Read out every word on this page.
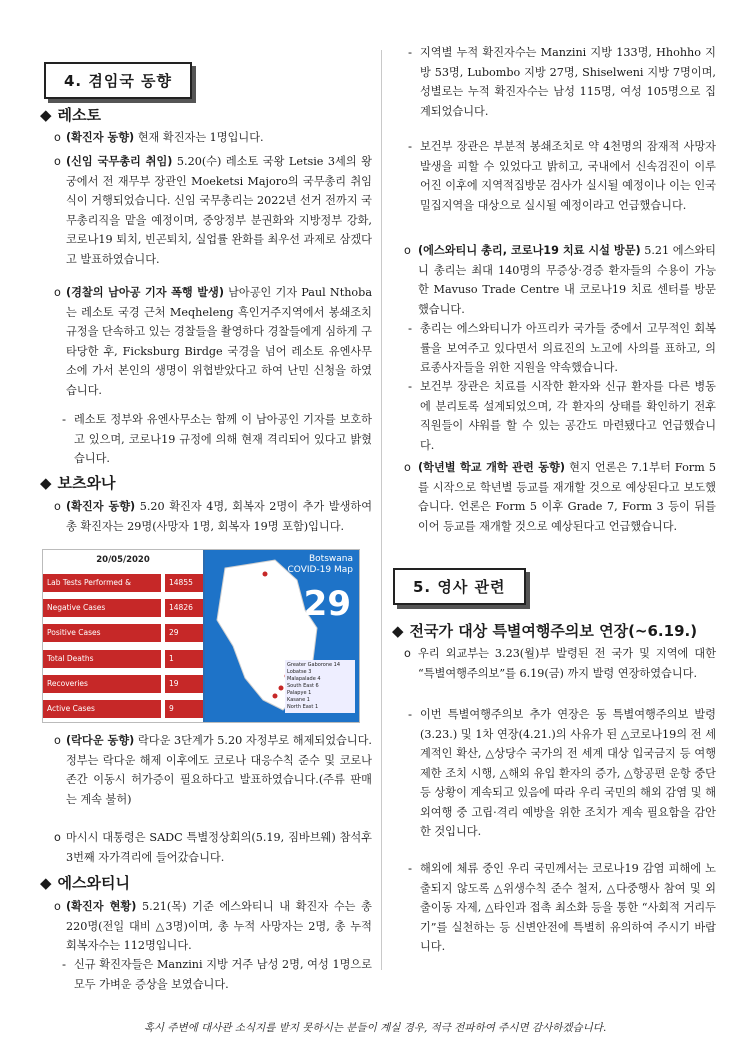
4. 겸임국 동향
◆ 레소토
o (확진자 동향) 현재 확진자는 1명입니다.
o (신임 국무총리 취임) 5.20(수) 레소토 국왕 Letsie 3세의 왕궁에서 전 재무부 장관인 Moeketsi Majoro의 국무총리 취임식이 거행되었습니다. 신임 국무총리는 2022년 선거 전까지 국무총리직을 맡을 예정이며, 중앙정부 분권화와 지방정부 강화, 코로나19 퇴치, 빈곤퇴치, 실업률 완화를 최우선 과제로 삼겠다고 발표하였습니다.
o (경찰의 남아공 기자 폭행 발생) 남아공인 기자 Paul Nthoba는 레소토 국경 근처 Meqheleng 흑인거주지역에서 봉쇄조치 규정을 단속하고 있는 경찰들을 촬영하다 경찰들에게 심하게 구타당한 후, Ficksburg Birdge 국경을 넘어 레소토 유엔사무소에 가서 본인의 생명이 위협받았다고 하여 난민 신청을 하였습니다.
- 레소토 정부와 유엔사무소는 함께 이 남아공인 기자를 보호하고 있으며, 코로나19 규정에 의해 현재 격리되어 있다고 밝혔습니다.
◆ 보츠와나
o (확진자 동향) 5.20 확진자 4명, 회복자 2명이 추가 발생하여 총 확진자는 29명(사망자 1명, 회복자 19명 포함)입니다.
20/05/2020
Lab Tests Performed &	14855
Negative Cases	14826
Positive Cases	29
Total Deaths	1
Recoveries	19
Active Cases	9
Botswana
COVID-19 Map
29
Greater Gaborone 14
Lobatse 3
Malapalade 4
South East 6
Palapye 1
Kasane 1
North East 1
o (락다운 동향) 락다운 3단계가 5.20 자정부로 해제되었습니다. 정부는 락다운 해제 이후에도 코로나 대응수칙 준수 및 코로나 존간 이동시 허가증이 필요하다고 발표하였습니다.(주류 판매는 계속 불허)
o 마시시 대통령은 SADC 특별정상회의(5.19, 짐바브웨) 참석후 3번째 자가격리에 들어갔습니다.
◆ 에스와티니
o (확진자 현황) 5.21(목) 기준 에스와티니 내 확진자 수는 총 220명(전일 대비 △3명)이며, 총 누적 사망자는 2명, 총 누적 회복자수는 112명입니다.
- 신규 확진자들은 Manzini 지방 거주 남성 2명, 여성 1명으로 모두 가벼운 증상을 보였습니다.
- 지역별 누적 확진자수는 Manzini 지방 133명, Hhohho 지방 53명, Lubombo 지방 27명, Shiselweni 지방 7명이며, 성별로는 누적 확진자수는 남성 115명, 여성 105명으로 집계되었습니다.
- 보건부 장관은 부분적 봉쇄조치로 약 4천명의 잠재적 사망자 발생을 피할 수 있었다고 밝히고, 국내에서 신속검진이 이루어진 이후에 지역적집방문 검사가 실시될 예정이나 이는 인국밀집지역을 대상으로 실시될 예정이라고 언급했습니다.
o (에스와티니 총리, 코로나19 치료 시설 방문) 5.21 에스와티니 총리는 최대 140명의 무증상·경증 환자들의 수용이 가능한 Mavuso Trade Centre 내 코로나19 치료 센터를 방문했습니다.
- 총리는 에스와티니가 아프리카 국가들 중에서 고무적인 회복률을 보여주고 있다면서 의료진의 노고에 사의를 표하고, 의료종사자들을 위한 지원을 약속했습니다.
- 보건부 장관은 치료를 시작한 환자와 신규 환자를 다른 병동에 분리토록 설계되었으며, 각 환자의 상태를 확인하기 전후 직원들이 샤워를 할 수 있는 공간도 마련됐다고 언급했습니다.
o (학년별 학교 개학 관련 동향) 현지 언론은 7.1부터 Form 5를 시작으로 학년별 등교를 재개할 것으로 예상된다고 보도했습니다. 언론은 Form 5 이후 Grade 7, Form 3 등이 뒤를 이어 등교를 재개할 것으로 예상된다고 언급했습니다.
5. 영사 관련
◆ 전국가 대상 특별여행주의보 연장(~6.19.)
o 우리 외교부는 3.23(월)부 발령된 전 국가 및 지역에 대한 “특별여행주의보”를 6.19(금) 까지 발령 연장하였습니다.
- 이번 특별여행주의보 추가 연장은 동 특별여행주의보 발령(3.23.) 및 1차 연장(4.21.)의 사유가 된 △코로나19의 전 세계적인 확산, △상당수 국가의 전 세계 대상 입국금지 등 여행제한 조치 시행, △해외 유입 환자의 증가, △항공편 운항 중단 등 상황이 계속되고 있음에 따라 우리 국민의 해외 감염 및 해외여행 중 고립·격리 예방을 위한 조치가 계속 필요함을 감안한 것입니다.
- 해외에 체류 중인 우리 국민께서는 코로나19 감염 피해에 노출되지 않도록 △위생수칙 준수 철저, △다중행사 참여 및 외출이동 자제, △타인과 접촉 최소화 등을 통한 “사회적 거리두기”를 실천하는 등 신변안전에 특별히 유의하여 주시기 바랍니다.
혹시 주변에 대사관 소식지를 받지 못하시는 분들이 계실 경우, 적극 전파하여 주시면 감사하겠습니다.
